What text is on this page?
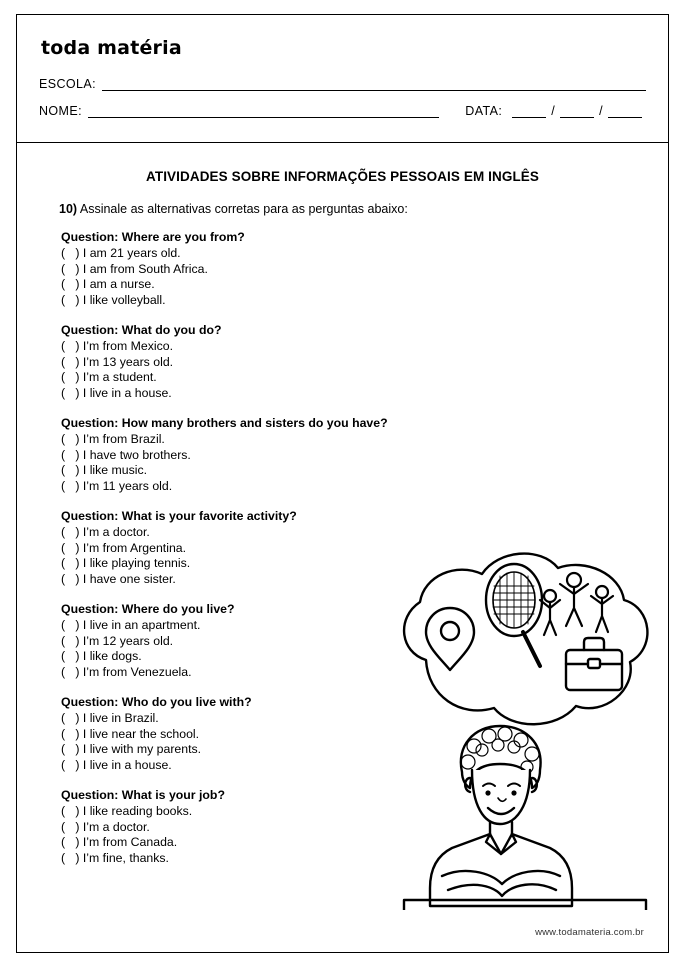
toda matéria
ESCOLA:
NOME:	DATA:	/	/
ATIVIDADES SOBRE INFORMAÇÕES PESSOAIS EM INGLÊS
10) Assinale as alternativas corretas para as perguntas abaixo:
Question: Where are you from?
(   ) I am 21 years old.
(   ) I am from South Africa.
(   ) I am a nurse.
(   ) I like volleyball.
Question: What do you do?
(   ) I’m from Mexico.
(   ) I’m 13 years old.
(   ) I’m a student.
(   ) I live in a house.
Question: How many brothers and sisters do you have?
(   ) I’m from Brazil.
(   ) I have two brothers.
(   ) I like music.
(   ) I’m 11 years old.
Question: What is your favorite activity?
(   ) I’m a doctor.
(   ) I’m from Argentina.
(   ) I like playing tennis.
(   ) I have one sister.
Question: Where do you live?
(   ) I live in an apartment.
(   ) I’m 12 years old.
(   ) I like dogs.
(   ) I’m from Venezuela.
Question: Who do you live with?
(   ) I live in Brazil.
(   ) I live near the school.
(   ) I live with my parents.
(   ) I live in a house.
Question: What is your job?
(   ) I like reading books.
(   ) I’m a doctor.
(   ) I’m from Canada.
(   ) I’m fine, thanks.
www.todamateria.com.br
